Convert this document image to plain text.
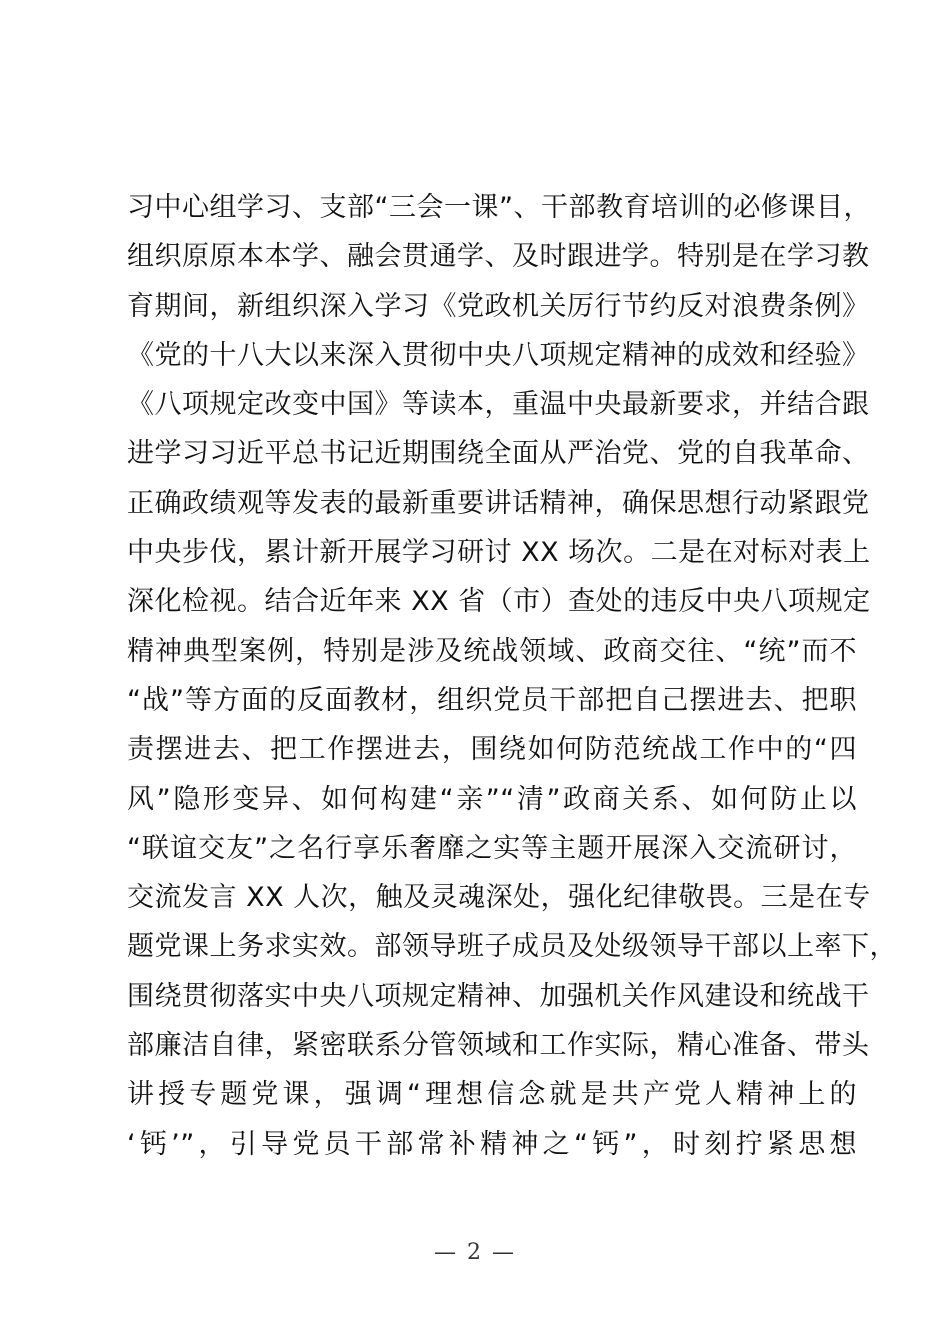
习中心组学习、支部“三会一课”、干部教育培训的必修课目，
组织原原本本学、融会贯通学、及时跟进学。特别是在学习教
育期间，新组织深入学习《党政机关厉行节约反对浪费条例》
《党的十八大以来深入贯彻中央八项规定精神的成效和经验》
《八项规定改变中国》等读本，重温中央最新要求，并结合跟
进学习习近平总书记近期围绕全面从严治党、党的自我革命、
正确政绩观等发表的最新重要讲话精神，确保思想行动紧跟党
中央步伐，累计新开展学习研讨 XX 场次。二是在对标对表上
深化检视。结合近年来 XX 省（市）查处的违反中央八项规定
精神典型案例，特别是涉及统战领域、政商交往、“统”而不
“战”等方面的反面教材，组织党员干部把自己摆进去、把职
责摆进去、把工作摆进去，围绕如何防范统战工作中的“四
风”隐形变异、如何构建“亲”“清”政商关系、如何防止以
“联谊交友”之名行享乐奢靡之实等主题开展深入交流研讨，
交流发言 XX 人次，触及灵魂深处，强化纪律敬畏。三是在专
题党课上务求实效。部领导班子成员及处级领导干部以上率下，
围绕贯彻落实中央八项规定精神、加强机关作风建设和统战干
部廉洁自律，紧密联系分管领域和工作实际，精心准备、带头
讲授专题党课，强调“理想信念就是共产党人精神上的
‘钙’”，引导党员干部常补精神之“钙”，时刻拧紧思想
— 2 —
